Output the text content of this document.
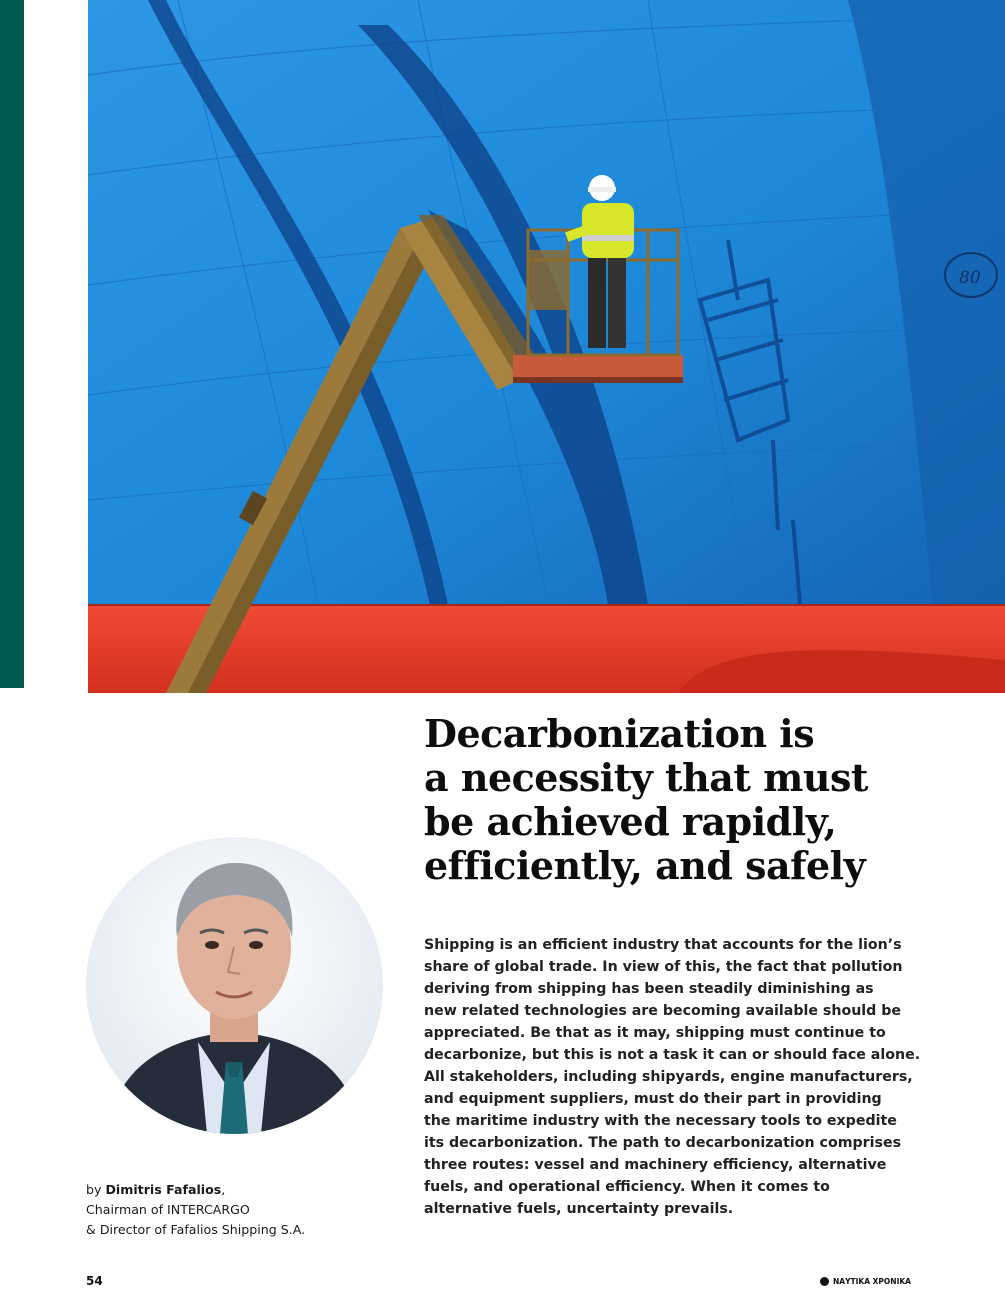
80
Decarbonization is
a necessity that must
be achieved rapidly,
efficiently, and safely
Shipping is an efficient industry that accounts for the lion’s
share of global trade. In view of this, the fact that pollution
deriving from shipping has been steadily diminishing as
new related technologies are becoming available should be
appreciated. Be that as it may, shipping must continue to
decarbonize, but this is not a task it can or should face alone.
All stakeholders, including shipyards, engine manufacturers,
and equipment suppliers, must do their part in providing
the maritime industry with the necessary tools to expedite
its decarbonization. The path to decarbonization comprises
three routes: vessel and machinery efficiency, alternative
fuels, and operational efficiency. When it comes to
alternative fuels, uncertainty prevails.
by Dimitris Fafalios,
Chairman of INTERCARGO
& Director of Fafalios Shipping S.A.
54	ΝΑΥΤΙΚΑ ΧΡΟΝΙΚΑ
